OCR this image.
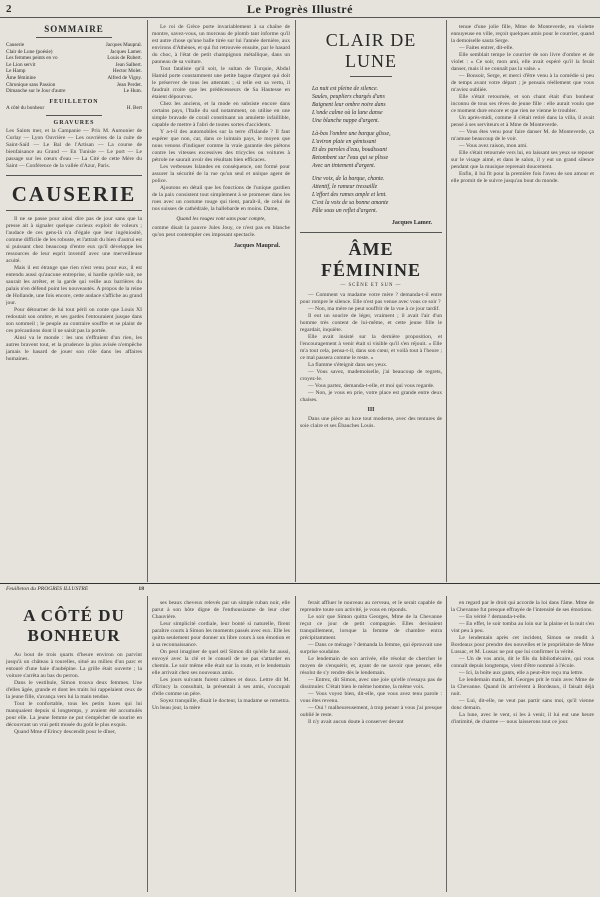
2	Le Progrès Illustré
SOMMAIRE
Causerie	Jacques Maupral.
Clair de Lune (poésie)	Jacques Lamer.
Les femmes peints en vo	Louis de Rubert.
Le Lion servit	Jean Salbert.
Le Hamp	Hector Molet.
Âme féminine	Alfred de Vigny.
Chronique sans Passion	Jean Perdet.
Dimanche sur le Jour d'autre	Le Hum.
FEUILLETON
A côté du bonheur	H. Bert
GRAVURES

Les Saints mer, et la Campanie — Prix M. Aumonier de Curlay — Lyon Ouvrière — Les ouvrières de la cuite de Saint-Saïd — Le Bal de l'Artisan — La course de bienfaisance au Grand — En Tunisie — Le port — Le passage sur les cœurs d'eau — La Cité de cette Mère du Saint — Conférence de la vallée d'Azur, Paris.

CAUSERIE

Il ne se passe pour ainsi dire pas de jour sans que la presse ait à signaler quelque curieux exploit de voleurs ; l'audace de ces gens-là n'a d'égale que leur ingéniosité, comme difficile de les robuste, et l'attrait du bien d'autrui est si puissant chez beaucoup d'entre eux qu'il développe les ressources de leur esprit inventif avec une merveilleuse acuité.

Mais il est étrange que rien n'est venu pour eux, il est entendu aussi qu'aucune entreprise, si hardie qu'elle soit, ne saurait les arrêter, et la garde qui veille aux barrières du palais n'en défend point les nouveautés. A propos de la reine de Hollande, une fois encore, cette audace s'affiche au grand jour.

Pour détourner de lui tout péril on conte que Louis XI redoutait son ombre, et ses gardes l'entouraient jusque dans son sommeil ; le peuple au contraire souffre et se plaint de ces précautions dont il ne saisit pas la portée.

Ainsi va le monde : les uns s'effraient d'un rien, les autres bravent tout, et la prudence la plus avisée n'empêche jamais le hasard de jouer son rôle dans les affaires humaines.

Le roi de Grèce porte invariablement à sa chaîne de montre, savez-vous, un morceau de plomb tant informe qu'il est autre chose qu'une balle tirée sur lui l'année dernière, aux environs d'Athènes, et qui fut retrouvée ensuite, par le hasard du choc, à l'état de petit champignon métallique, dans un panneau de sa voiture.

Tout fataliste qu'il soit, le sultan de Turquie, Abdul Hamid porte constamment une petite bague d'argent qui doit le préserver de tous les attentats ; si telle est sa vertu, il faudrait croire que les prédécesseurs de Sa Hautesse en étaient dépourvus.

Chez les anciens, et la mode en subsiste encore dans certains pays, l'Italie du sud notamment, on utilise en une simple bravade de corail constituant un amulette infaillible, capable de mettre à l'abri de toutes sortes d'accidents.

Y a-t-il des automobiles sur la terre d'Islande ? Il faut espérer que non, car, dans ce lointain pays, le moyen que nous venons d'indiquer comme la vraie garantie des piétons contre les vitesses excessives des tricycles ou voitures à pétrole ne saurait avoir des résultats bien efficaces.

Les verbeuses Islandes en conséquence, ont formé pour assurer la sécurité de la rue qu'un seul et unique agent de police.

Ajoutons en détail que les fonctions de l'unique gardien de la paix consistent tout simplement à se promener dans les rues avec un costume rouge qui tient, paraît-il, de celui de nos suisses de cathédrale, la hallebarde en moins. Dame,

Quand les rouges vont sans pour compte,

comme disait la pauvre Jules Jouy, ce n'est pas en blanche qu'on peut contempler ces imposant spectacle.

Jacques Maupral.
CLAIR DE LUNE
La nuit est pleine de silence.
Saules, peupliers chargés d'ans
Baignent leur ombre noire dans
L'onde calme où la lune danse
Une blanche nappe d'argent.
Là-bas l'ombre une barque glisse,
L'aviron plaie en gémissant
Et des paroles d'eau, boudissant
Retombent sur l'eau qui se plisse
Avec un tintement d'argent.
Une voix, de la barque, chante.
Attentif, le rameur tressaille
L'effort des rames ample et lent.
C'est la voix de sa bonne amante
Pâle sous un reflet d'argent.
Jacques Lamer.
ÂME FÉMININE
— SCÈNE ET SUN —

— Comment va madame votre mère ? demanda-t-il entre pour rompre le silence. Elle n'est pas venue avec vous ce soir ?

— Non, ma mère ne peut souffrir de la vue à ce jour tardif.

Il eut un sourire de léger, vraiment ; il avait l'air d'un homme très content de lui-même, et cette jeune fille le regardait, inquiète.

Elle avait insisté sur la dernière proposition, et l'encouragement à venir était si visible qu'il s'en réjouit. « Elle m'a tout cela, pensa-t-il, dans son cœur, et voilà tout à l'heure ; ce mal passera comme le reste. »

La flamme s'éteignit dans ses yeux.

— Vous savez, mademoiselle, j'ai beaucoup de regrets, croyez-le.

— Vous partez, demanda-t-elle, et moi qui vous regarde.

— Non, je vous en prie, votre place est grande entre deux chaises.

III

Dans une pièce au luxe tout moderne, avec des tentures de soie claire et ses Ébauches Louis.

tenue d'une jolie fille, Mme de Monteverde, en violette ennuyeuse en ville, reçoit quelques amis pour le courrier, quand la demoiselle sauta Serge.

— Faites entrer, dit-elle.

Elle semblait tempe le courrier de son livre d'ombre et de violet : « Ce soir, mon ami, elle avait espéré qu'il la ferait danser, mais il ne connaît pas la valse. »

— Bonsoir, Serge, et merci d'être venu à la comédie si peu de temps avant votre départ ; je pensais réellement que vous m'aviez oubliée.

Elle s'était retournée, et son chant était d'un bonheur inconnu de tous ses rêves de jeune fille : elle aurait voulu que ce moment dure encore et que rien ne vienne le troubler.

Un après-midi, comme il s'était retiré dans la villa, il avait pensé à ses serviteurs et à Mme de Monteverde.

— Vous êtes venu pour faire danser M. de Monteverde, ça m'amuse beaucoup de le voir.

— Vous avez raison, mon ami.

Elle s'était retournée vers lui, en laissant ses yeux se reposer sur le visage aimé, et dans le salon, il y eut un grand silence pendant que la musique reprenait doucement.

Enfin, il lui fit pour la première fois l'aveu de son amour et elle promit de le suivre jusqu'au bout du monde.

Feuilleton du PROGRÈS ILLUSTRÉ	18
A CÔTÉ DU BONHEUR

Au bout de trois quarts d'heure environ on parvint jusqu'à un château à tourelles, situé au milieu d'un parc et entouré d'une haie d'aubépine. La grille était ouverte ; la voiture s'arrêta au bas du perron.

Dans le vestibule, Simon trouva deux femmes. Une d'elles âgée, grande et dont les traits lui rappelaient ceux de la jeune fille, s'avança vers lui la main tendue.

Tout le confortable, tous les petits luxes qui lui manquaient depuis si longtemps, y avaient été accumulés pour elle. La jeune femme ne put s'empêcher de sourire en découvrant un vrai petit musée du goût le plus exquis.

Quand Mme d'Erincy descendit pour le dîner,

ses beaux cheveux relevés par un simple ruban noir, elle parut à son hôte digne de l'enthousiasme de leur cher Chauvière.

Leur simplicité cordiale, leur bonté si naturelle, firent paraître courts à Simon les moments passés avec eux. Elle les quitta seulement pour donner un libre cours à son émotion et à sa reconnaissance.

On peut imaginer de quel œil Simon dit qu'elle fut aussi, envoyé avec la clé et le conseil de ne pas s'attarder en chemin. Le soir même elle était sur la route, et le lendemain elle arrivait chez ses nouveaux amis.

Les jours suivants furent calmes et doux. Lettre dit M. d'Erincy la consultait, la présentait à ses amis, s'occupait d'elle comme un père.

Soyez tranquille, disait le docteur, la madame se remettra. Un beau jour, la mère

ferait affluer le nouveau au cerveau, et le serait capable de reprendre toute son activité, je vous en réponds.

Le soir que Simon quitta Georges, Mme de la Chevanne reçut ce jour de petit compagnie. Elles devisaient tranquillement, lorsque la femme de chambre entra précipitamment.

— Dans ce ménage ? demanda la femme, qui éprouvait une surprise soudaine.

Le lendemain de son arrivée, elle résolut de chercher le moyen de s'enquérir, et, ayant de ne savoir que penser, elle résolut de s'y rendre dès le lendemain.

— Entrez, dit Simon, avec une joie qu'elle n'essaya pas de dissimuler. C'était bien le même homme, la même voix.

— Vous voyez bien, dit-elle, que vous avez tenu parole : vous êtes revenu.

— Oui ! malheureusement, à trop penser à vous j'ai presque oublié le reste.

Il n'y avait aucun doute à conserver devant

en regard par le droit qui accorde la loi dans l'âme. Mme de la Chevanne fut presque effrayée de l'intensité de ses émotions.

— En vérité ? demanda-t-elle.

— En effet, le soir tomba au loin sur la plaine et la nuit s'en vint peu à peu.

Le lendemain après cet incident, Simon se rendit à Bordeaux pour prendre des nouvelles et le propriétaire de Mme Lussac, et M. Lussac ne put que lui confirmer la vérité.

— Un de vos amis, dit le fils du bibliothécaire, qui vous connaît depuis longtemps, vient d'être nommé à l'école.

— Ici, la boîte aux gants, elle a peut-être reçu ma lettre.

Le lendemain matin, M. Georges prit le train avec Mme de la Chevanne. Quand ils arrivèrent à Bordeaux, il faisait déjà nuit.

— Lui, dit-elle, ne veut pas partir sans moi, qu'il vienne donc demain.

La lune, avec le vent, si les à venir, il lui eut une heure d'intimité, de charme — nous laisserons tout ce jour.
